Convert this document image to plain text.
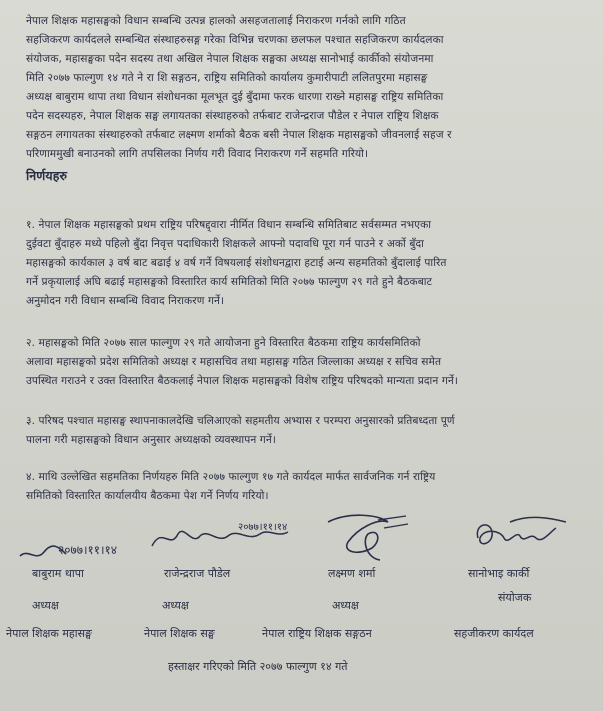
नेपाल शिक्षक महासङ्घको विधान सम्बन्धि उत्पन्न हालको असहजतालाई निराकरण गर्नको लागि गठित
सहजिकरण कार्यदलले सम्बन्धित संस्थाहरुसङ्ग गरेका विभिन्न चरणका छलफल पश्चात सहजिकरण कार्यदलका
संयोजक, महासङ्घका पदेन सदस्य तथा अखिल नेपाल शिक्षक सङ्घका अध्यक्ष सानोभाई कार्कीको संयोजनमा
मिति २०७७ फाल्गुण १४ गते ने रा शि सङ्गठन, राष्ट्रिय समितिको कार्यालय कुमारीपाटी ललितपुरमा महासङ्घ
अध्यक्ष बाबुराम थापा तथा विधान संशोधनका मूलभूत दुई बुँदामा फरक धारणा राख्ने महासङ्घ राष्ट्रिय समितिका
पदेन सदस्यहरु, नेपाल शिक्षक सङ्घ लगायतका संस्थाहरुको तर्फबाट राजेन्द्रराज पौडेल र नेपाल राष्ट्रिय शिक्षक
सङ्गठन लगायतका संस्थाहरुको तर्फबाट लक्ष्मण शर्माको बैठक बसी नेपाल शिक्षक महासङ्घको जीवनलाई सहज र
परिणाममुखी बनाउनको लागि तपसिलका निर्णय गरी विवाद निराकरण गर्ने सहमति गरियो।
निर्णयहरु
१. नेपाल शिक्षक महासङ्घको प्रथम राष्ट्रिय परिषद्द्वारा नीर्मित विधान सम्बन्धि समितिबाट सर्वसम्मत नभएका
दुईवटा बुँदाहरु मध्ये पहिलो बुँदा निवृत्त पदाधिकारी शिक्षकले आफ्नो पदावधि पूरा गर्न पाउने र अर्को बुँदा
महासङ्घको कार्यकाल ३ वर्ष बाट बढाई ४ वर्ष गर्ने विषयलाई संशोधनद्वारा हटाई अन्य सहमतिको बुँदालाई पारित
गर्ने प्रकृयालाई अघि बढाई महासङ्घको विस्तारित कार्य समितिको मिति २०७७ फाल्गुण २९ गते हुने बैठकबाट
अनुमोदन गरी विधान सम्बन्धि विवाद निराकरण गर्ने।
२. महासङ्घको मिति २०७७ साल फाल्गुण २९ गते आयोजना हुने विस्तारित बैठकमा राष्ट्रिय कार्यसमितिको
अलावा महासङ्घको प्रदेश समितिको अध्यक्ष र महासचिव तथा महासङ्घ गठित जिल्लाका अध्यक्ष र सचिव समेत
उपस्थित गराउने र उक्त विस्तारित बैठकलाई नेपाल शिक्षक महासङ्घको विशेष राष्ट्रिय परिषदको मान्यता प्रदान गर्ने।
३. परिषद पश्चात महासङ्घ स्थापनाकालदेखि चलिआएको सहमतीय अभ्यास र परम्परा अनुसारको प्रतिबध्दता पूर्ण
पालना गरी महासङ्घको विधान अनुसार अध्यक्षको व्यवस्थापन गर्ने।
४. माथि उल्लेखित सहमतिका निर्णयहरु मिति २०७७ फाल्गुण १७ गते कार्यदल मार्फत सार्वजनिक गर्न राष्ट्रिय
समितिको विस्तारित कार्यालयीय बैठकमा पेश गर्ने निर्णय गरियो।
२०७७।११।१४
२०७७।११।१४
बाबुराम थापा	राजेन्द्रराज पौडेल	लक्ष्मण शर्मा	सानोभाइ कार्की
अध्यक्ष	अध्यक्ष	अध्यक्ष
संयोजक
नेपाल शिक्षक महासङ्घ	नेपाल शिक्षक सङ्घ	नेपाल राष्ट्रिय शिक्षक सङ्गठन	सहजीकरण कार्यदल
हस्ताक्षर गरिएको मिति २०७७ फाल्गुण १४ गते
